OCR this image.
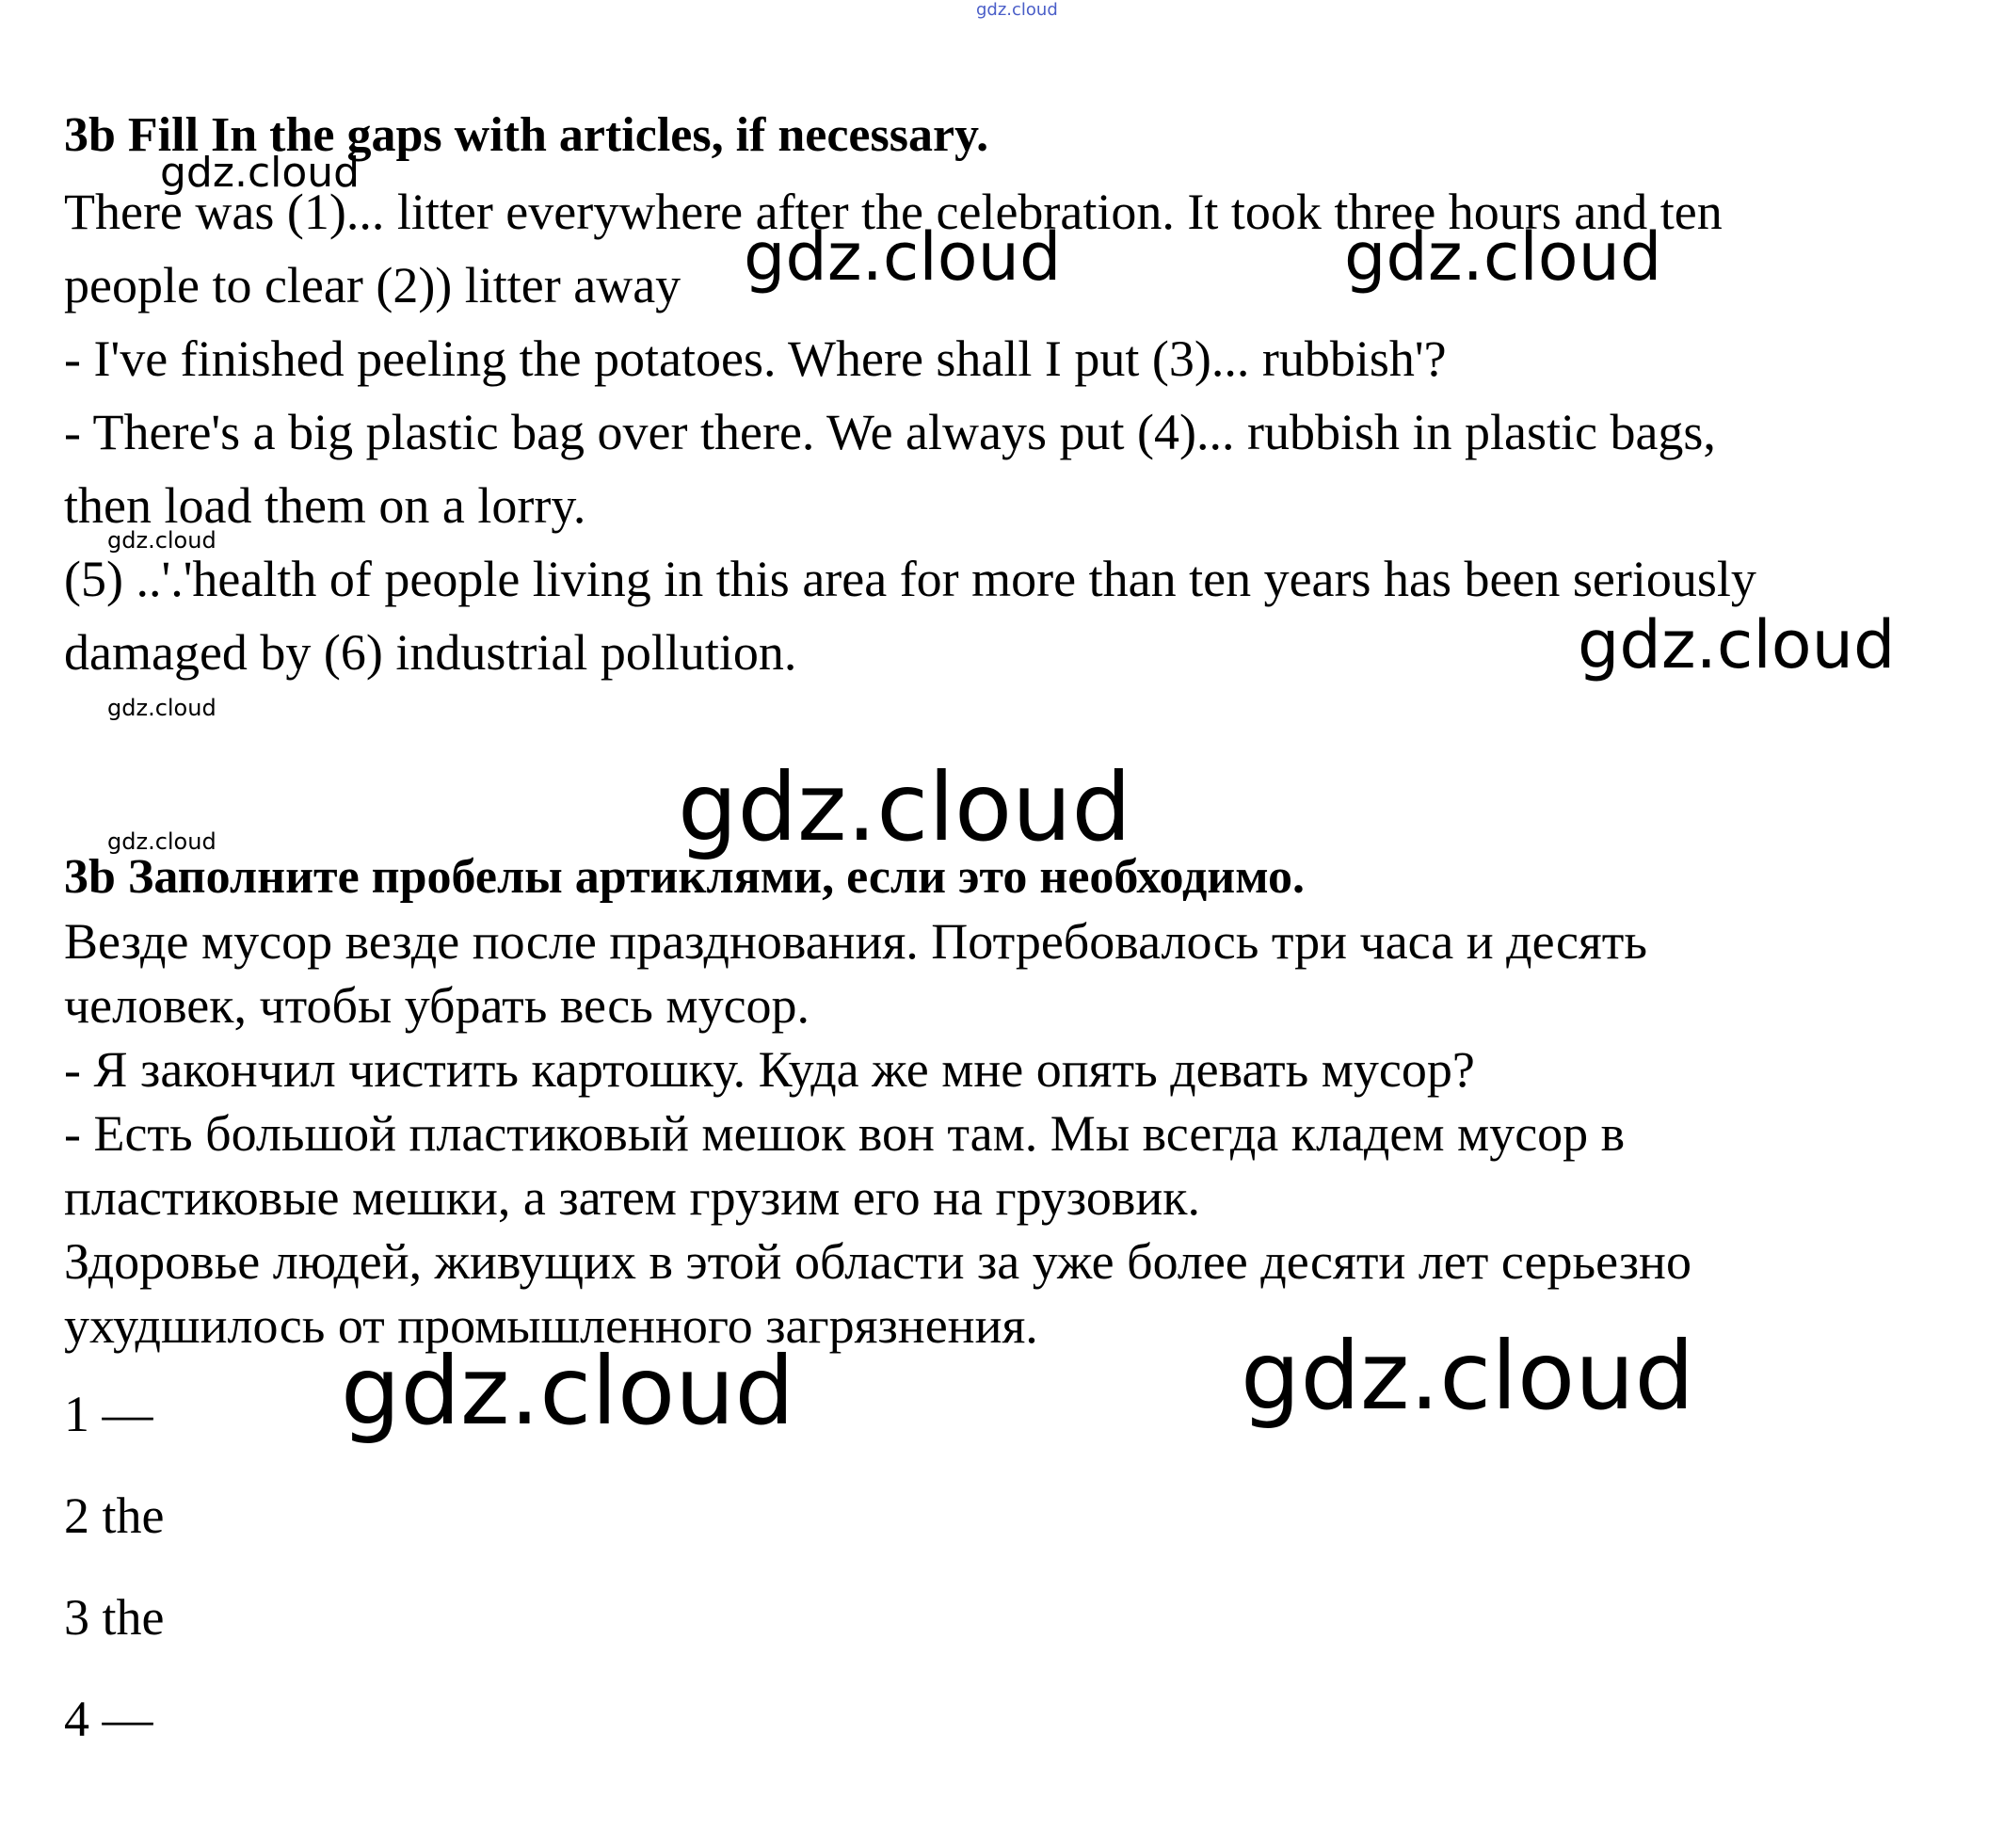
3b Fill In the gaps with articles, if necessary.
There was (1)... litter everywhere after the celebration. It took three hours and ten
people to clear (2)) litter away
- I've finished peeling the potatoes. Where shall I put (3)... rubbish'?
- There's a big plastic bag over there. We always put (4)... rubbish in plastic bags,
then load them on a lorry.
(5) ..'.'health of people living in this area for more than ten years has been seriously
damaged by (6) industrial pollution.
3b Заполните пробелы артиклями, если это необходимо.
Везде мусор везде после празднования. Потребовалось три часа и десять
человек, чтобы убрать весь мусор.
- Я закончил чистить картошку. Куда же мне опять девать мусор?
- Есть большой пластиковый мешок вон там. Мы всегда кладем мусор в
пластиковые мешки, а затем грузим его на грузовик.
Здоровье людей, живущих в этой области за уже более десяти лет серьезно
ухудшилось от промышленного загрязнения.
1 —
2 the
3 the
4 —
gdz.cloud
gdz.cloud
gdz.cloud	gdz.cloud
gdz.cloud
gdz.cloud
gdz.cloud
gdz.cloud
gdz.cloud
gdz.cloud	gdz.cloud
